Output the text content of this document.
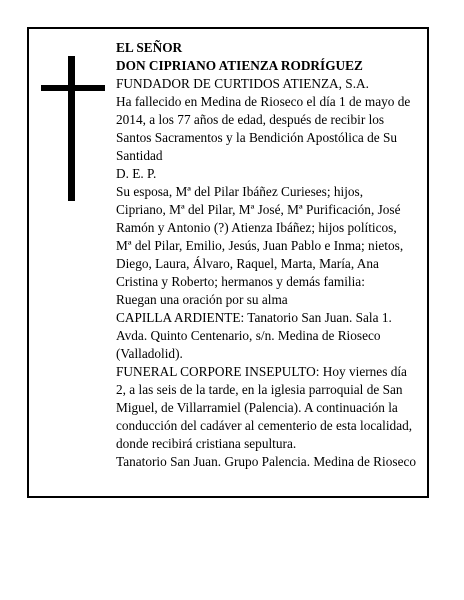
EL SEÑOR
DON CIPRIANO ATIENZA RODRÍGUEZ
FUNDADOR DE CURTIDOS ATIENZA, S.A.
Ha fallecido en Medina de Rioseco el día 1 de mayo de
2014, a los 77 años de edad, después de recibir los
Santos Sacramentos y la Bendición Apostólica de Su
Santidad
D. E. P.
Su esposa, Mª del Pilar Ibáñez Curieses; hijos,
Cipriano, Mª del Pilar, Mª José, Mª Purificación, José
Ramón y Antonio (?) Atienza Ibáñez; hijos políticos,
Mª del Pilar, Emilio, Jesús, Juan Pablo e Inma; nietos,
Diego, Laura, Álvaro, Raquel, Marta, María, Ana
Cristina y Roberto; hermanos y demás familia:
Ruegan una oración por su alma
CAPILLA ARDIENTE: Tanatorio San Juan. Sala 1.
Avda. Quinto Centenario, s/n. Medina de Rioseco
(Valladolid).
FUNERAL CORPORE INSEPULTO: Hoy viernes día
2, a las seis de la tarde, en la iglesia parroquial de San
Miguel, de Villarramiel (Palencia). A continuación la
conducción del cadáver al cementerio de esta localidad,
donde recibirá cristiana sepultura.
Tanatorio San Juan. Grupo Palencia. Medina de Rioseco
